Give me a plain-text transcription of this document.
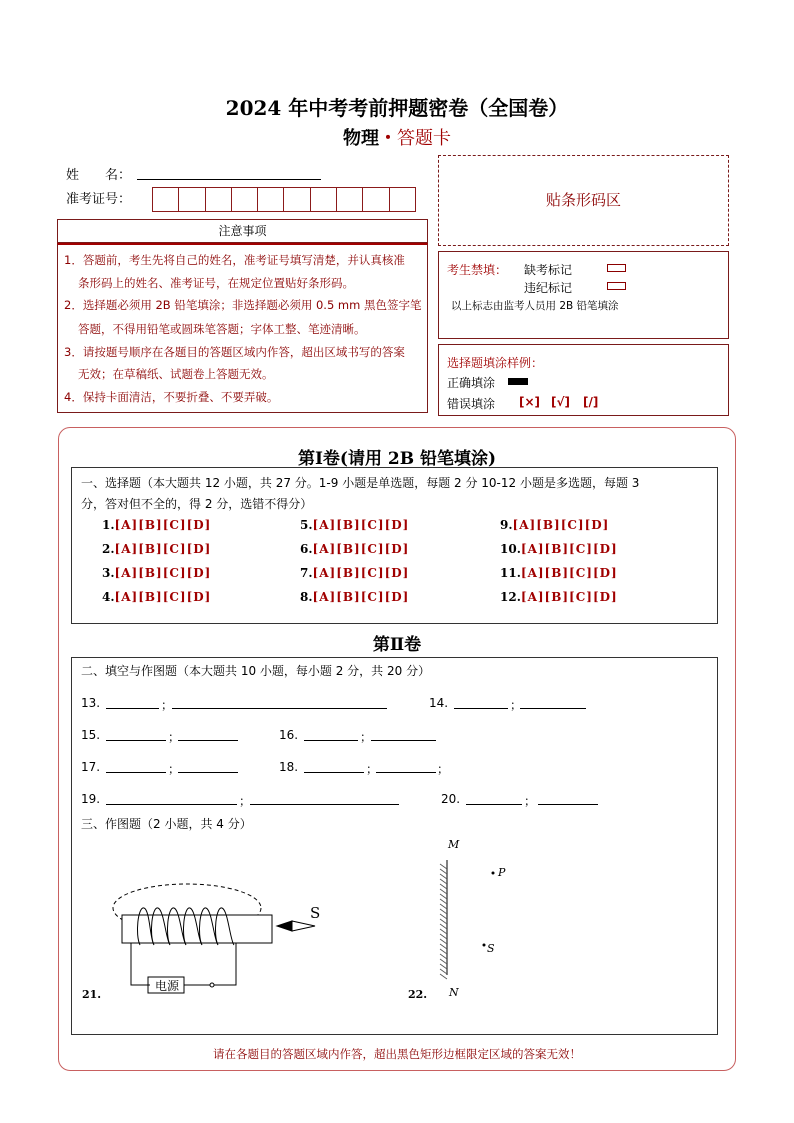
2024 年中考考前押题密卷（全国卷）
物理・答题卡
姓　　名：
准考证号：
注意事项

1．答题前，考生先将自己的姓名，准考证号填写清楚，并认真核准

条形码上的姓名、准考证号，在规定位置贴好条形码。

2．选择题必须用 2B 铅笔填涂；非选择题必须用 0.5 mm 黑色签字笔

答题，不得用铅笔或圆珠笔答题；字体工整、笔迹清晰。

3．请按题号顺序在各题目的答题区域内作答，超出区域书写的答案

无效；在草稿纸、试题卷上答题无效。

4．保持卡面清洁，不要折叠、不要弄破。

贴条形码区
考生禁填： 缺考标记
违纪标记
以上标志由监考人员用 2B 铅笔填涂
选择题填涂样例：
正确填涂
错误填涂 [×] [√] [/]
第Ⅰ卷(请用 2B 铅笔填涂)
一、选择题（本大题共 12 小题，共 27 分。1-9 小题是单选题，每题 2 分 10-12 小题是多选题，每题 3
分，答对但不全的，得 2 分，选错不得分）
1.[A][B][C][D]
2.[A][B][C][D]
3.[A][B][C][D]
4.[A][B][C][D]
5.[A][B][C][D]
6.[A][B][C][D]
7.[A][B][C][D]
8.[A][B][C][D]
9.[A][B][C][D]
10.[A][B][C][D]
11.[A][B][C][D]
12.[A][B][C][D]
第Ⅱ卷
二、填空与作图题（本大题共 10 小题，每小题 2 分，共 20 分）
13.	；	14.	；
15.	；	16.	；
17.	；	18.	；	；
19.	；	20.	；
三、作图题（2 小题，共 4 分）
电源
S
21.	22.
M
N
P
S
请在各题目的答题区域内作答，超出黑色矩形边框限定区域的答案无效！
